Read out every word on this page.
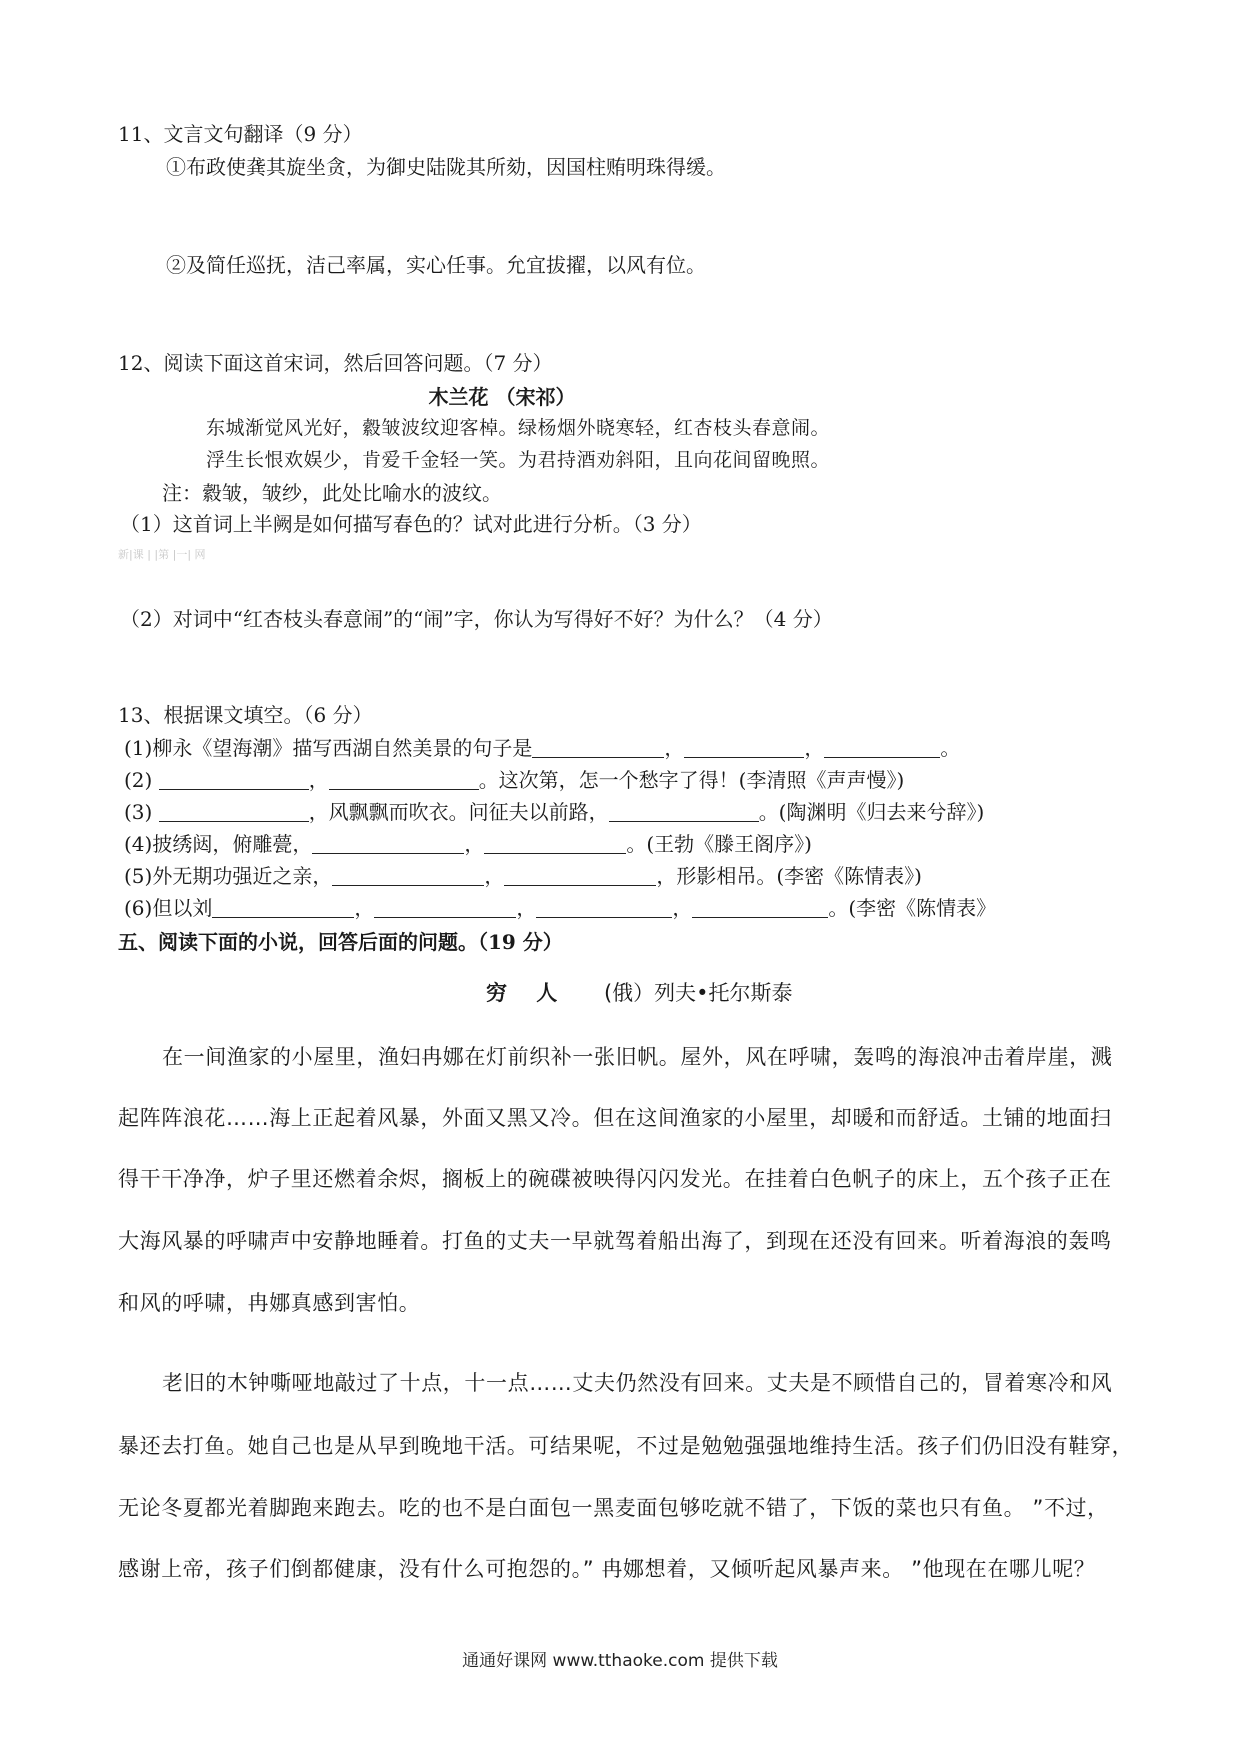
11、文言文句翻译（9 分）
①布政使龚其旋坐贪，为御史陆陇其所劾，因国柱贿明珠得缓。
②及简任巡抚，洁己率属，实心任事。允宜拔擢，以风有位。
12、阅读下面这首宋词，然后回答问题。（7 分）
木兰花 （宋祁）
东城渐觉风光好，縠皱波纹迎客棹。绿杨烟外晓寒轻，红杏枝头春意闹。
浮生长恨欢娱少，肯爱千金轻一笑。为君持酒劝斜阳，且向花间留晚照。
注：縠皱，皱纱，此处比喻水的波纹。
（1）这首词上半阙是如何描写春色的？试对此进行分析。（3 分）
新|课 | |第 |一| 网
（2）对词中“红杏枝头春意闹”的“闹”字，你认为写得好不好？为什么？（4 分）
13、根据课文填空。（6 分）
(1)柳永《望海潮》描写西湖自然美景的句子是	，	，	。
(2)	，	。这次第，怎一个愁字了得！(李清照《声声慢》)
(3)	，风飘飘而吹衣。问征夫以前路，	。(陶渊明《归去来兮辞》)
(4)披绣闼，俯雕甍，	，	。(王勃《滕王阁序》)
(5)外无期功强近之亲，	，	，形影相吊。(李密《陈情表》)
(6)但以刘	，	，	，	。(李密《陈情表》
五、阅读下面的小说，回答后面的问题。（19 分）
穷    人 (俄）列夫•托尔斯泰
在一间渔家的小屋里，渔妇冉娜在灯前织补一张旧帆。屋外，风在呼啸，轰鸣的海浪冲击着岸崖，溅
起阵阵浪花……海上正起着风暴，外面又黑又冷。但在这间渔家的小屋里，却暖和而舒适。土铺的地面扫
得干干净净，炉子里还燃着余烬，搁板上的碗碟被映得闪闪发光。在挂着白色帆子的床上，五个孩子正在
大海风暴的呼啸声中安静地睡着。打鱼的丈夫一早就驾着船出海了，到现在还没有回来。听着海浪的轰鸣
和风的呼啸，冉娜真感到害怕。
老旧的木钟嘶哑地敲过了十点，十一点……丈夫仍然没有回来。丈夫是不顾惜自己的，冒着寒冷和风
暴还去打鱼。她自己也是从早到晚地干活。可结果呢，不过是勉勉强强地维持生活。孩子们仍旧没有鞋穿，
无论冬夏都光着脚跑来跑去。吃的也不是白面包一黑麦面包够吃就不错了，下饭的菜也只有鱼。 ”不过，
感谢上帝，孩子们倒都健康，没有什么可抱怨的。” 冉娜想着，又倾听起风暴声来。 ”他现在在哪儿呢？
通通好课网 www.tthaoke.com 提供下载
